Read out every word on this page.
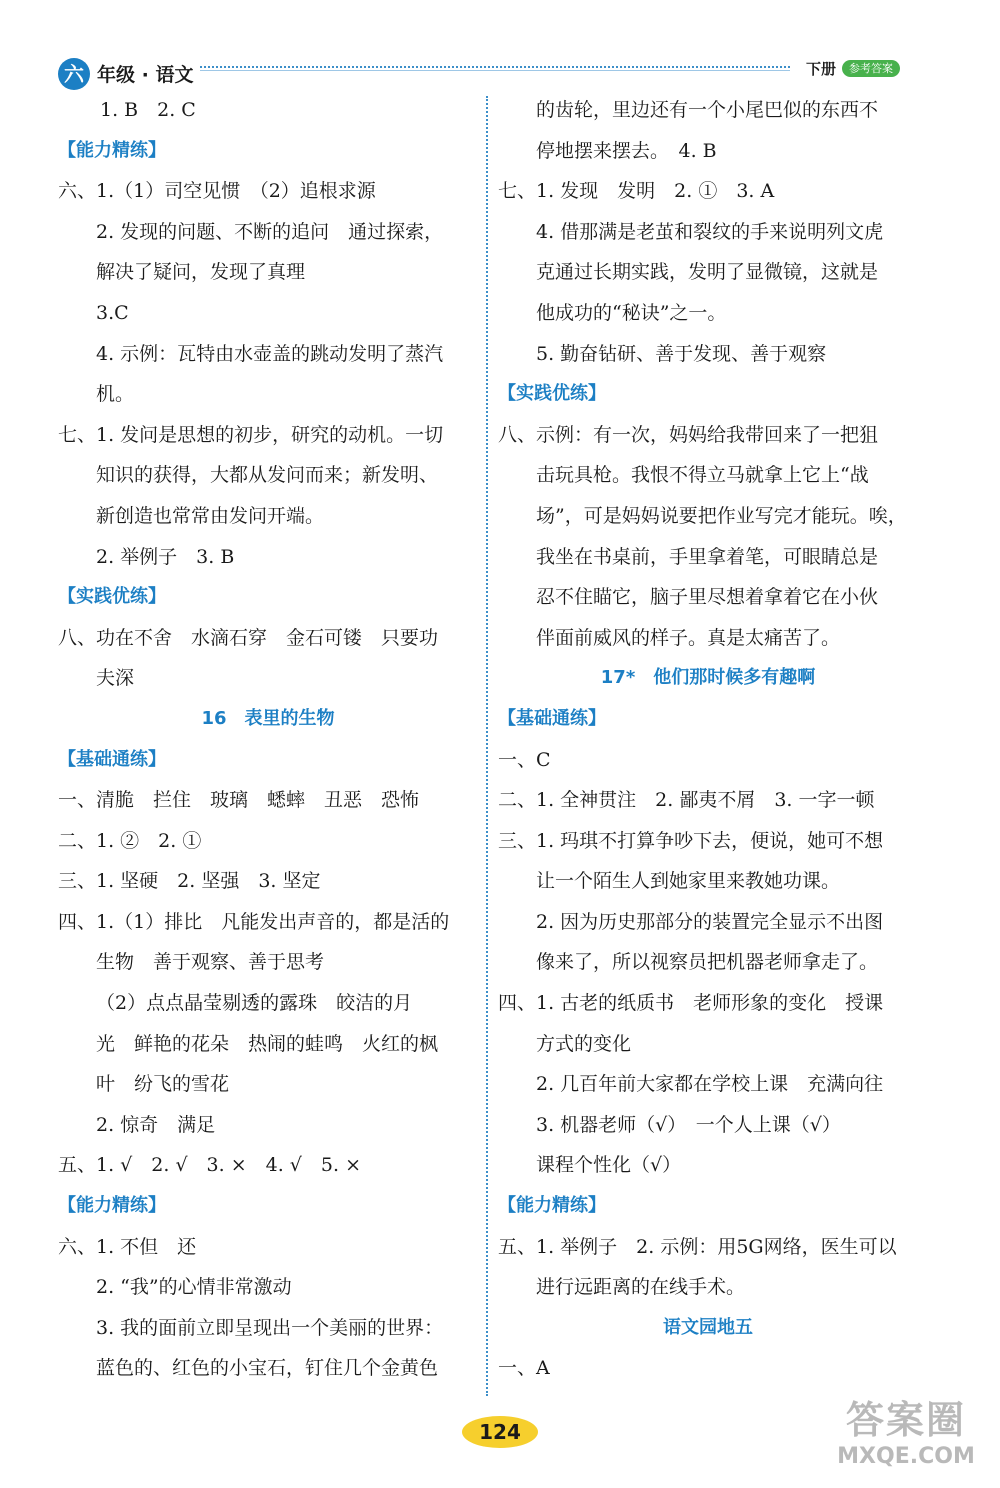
六 年级 · 语文	下册	参考答案
1. B　2. C
【能力精练】
六、1.（1）司空见惯　（2）追根求源
2. 发现的问题、不断的追问　通过探索，
解决了疑问，发现了真理
3.C
4. 示例：瓦特由水壶盖的跳动发明了蒸汽
机。
七、1. 发问是思想的初步，研究的动机。一切
知识的获得，大都从发问而来；新发明、
新创造也常常由发问开端。
2. 举例子　3. B
【实践优练】
八、功在不舍　水滴石穿　金石可镂　只要功
夫深
16　表里的生物
【基础通练】
一、清脆　拦住　玻璃　蟋蟀　丑恶　恐怖
二、1. ②　2. ①
三、1. 坚硬　2. 坚强　3. 坚定
四、1.（1）排比　凡能发出声音的，都是活的
生物　善于观察、善于思考
（2）点点晶莹剔透的露珠　皎洁的月
光　鲜艳的花朵　热闹的蛙鸣　火红的枫
叶　纷飞的雪花
2. 惊奇　满足
五、1. √　2. √　3. ×　4. √　5. ×
【能力精练】
六、1. 不但　还
2. “我”的心情非常激动
3. 我的面前立即呈现出一个美丽的世界：
蓝色的、红色的小宝石，钉住几个金黄色
的齿轮，里边还有一个小尾巴似的东西不
停地摆来摆去。　4. B
七、1. 发现　发明　2. ①　3. A
4. 借那满是老茧和裂纹的手来说明列文虎
克通过长期实践，发明了显微镜，这就是
他成功的“秘诀”之一。
5. 勤奋钻研、善于发现、善于观察
【实践优练】
八、示例：有一次，妈妈给我带回来了一把狙
击玩具枪。我恨不得立马就拿上它上“战
场”，可是妈妈说要把作业写完才能玩。唉，
我坐在书桌前，手里拿着笔，可眼睛总是
忍不住瞄它，脑子里尽想着拿着它在小伙
伴面前威风的样子。真是太痛苦了。
17*　他们那时候多有趣啊
【基础通练】
一、C
二、1. 全神贯注　2. 鄙夷不屑　3. 一字一顿
三、1. 玛琪不打算争吵下去，便说，她可不想
让一个陌生人到她家里来教她功课。
2. 因为历史那部分的装置完全显示不出图
像来了，所以视察员把机器老师拿走了。
四、1. 古老的纸质书　老师形象的变化　授课
方式的变化
2. 几百年前大家都在学校上课　充满向往
3. 机器老师（√）　一个人上课（√）
课程个性化（√）
【能力精练】
五、1. 举例子　2. 示例：用5G网络，医生可以
进行远距离的在线手术。
语文园地五
一、A
124	答案圈
MXQE.COM
